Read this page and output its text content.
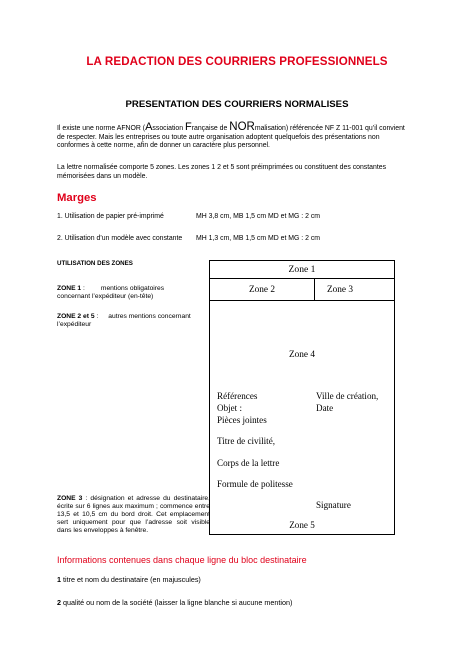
LA REDACTION DES COURRIERS PROFESSIONNELS
PRESENTATION DES COURRIERS NORMALISES
Il existe une norme AFNOR (Association Française de NORmalisation) référencée NF Z 11-001 qu’il convient
de respecter. Mais les entreprises ou toute autre organisation adoptent quelquefois des présentations non
conformes à cette norme, afin de donner un caractère plus personnel.
La lettre normalisée comporte 5 zones. Les zones 1 2 et 5 sont préimprimées ou constituent des constantes
mémorisées dans un modèle.
Marges
1. Utilisation de papier pré-imprimé	MH 3,8 cm, MB 1,5 cm MD et MG : 2 cm
2. Utilisation d’un modèle avec constante MH 1,3 cm, MB 1,5 cm MD et MG : 2 cm
UTILISATION DES ZONES
ZONE 1 : mentions obligatoires
concernant l’expéditeur (en-tête)
ZONE 2 et 5 : autres mentions concernant
l’expéditeur
ZONE 3 : désignation et adresse du destinataire, écrite sur 6 lignes aux maximum ; commence entre 13,5 et 10,5 cm du bord droit. Cet emplacement sert uniquement pour que l’adresse soit visible dans les enveloppes à fenêtre.
Zone 1
Zone 2	Zone 3
Zone 4
Références
Objet :
Pièces jointes
Ville de création,
Date
Titre de civilité,
Corps de la lettre
Formule de politesse
Signature
Zone 5
Informations contenues dans chaque ligne du bloc destinataire
1 titre et nom du destinataire (en majuscules)
2 qualité ou nom de la société (laisser la ligne blanche si aucune mention)
